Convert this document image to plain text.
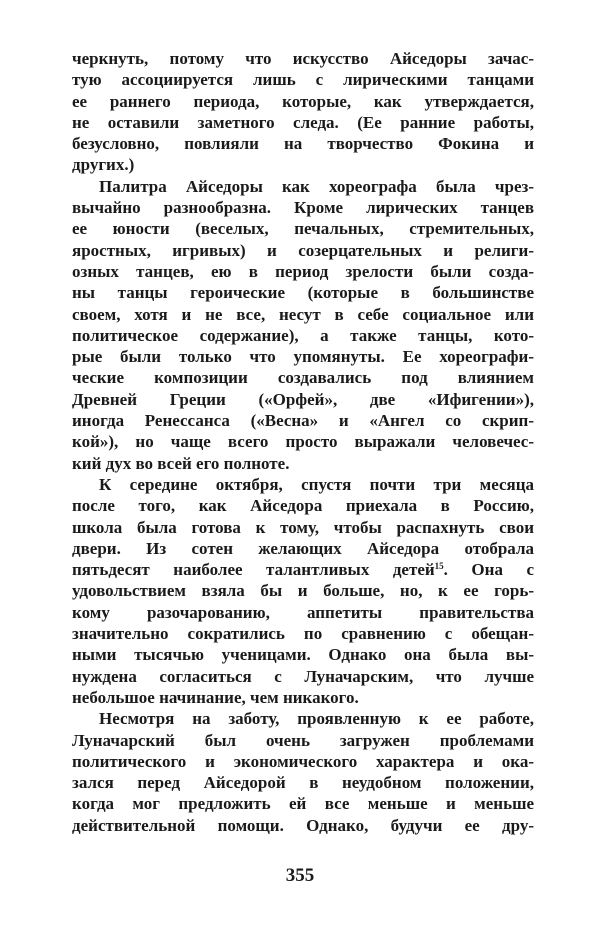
черкнуть, потому что искусство Айседоры зачас-
тую ассоциируется лишь с лирическими танцами
ее раннего периода, которые, как утверждается,
не оставили заметного следа. (Ее ранние работы,
безусловно, повлияли на творчество Фокина и
других.)
Палитра Айседоры как хореографа была чрез-
вычайно разнообразна. Кроме лирических танцев
ее юности (веселых, печальных, стремительных,
яростных, игривых) и созерцательных и религи-
озных танцев, ею в период зрелости были созда-
ны танцы героические (которые в большинстве
своем, хотя и не все, несут в себе социальное или
политическое содержание), а также танцы, кото-
рые были только что упомянуты. Ее хореографи-
ческие композиции создавались под влиянием
Древней Греции («Орфей», две «Ифигении»),
иногда Ренессанса («Весна» и «Ангел со скрип-
кой»), но чаще всего просто выражали человечес-
кий дух во всей его полноте.
К середине октября, спустя почти три месяца
после того, как Айседора приехала в Россию,
школа была готова к тому, чтобы распахнуть свои
двери. Из сотен желающих Айседора отобрала
пятьдесят наиболее талантливых детей$^{15}$. Она с
удовольствием взяла бы и больше, но, к ее горь-
кому разочарованию, аппетиты правительства
значительно сократились по сравнению с обещан-
ными тысячью ученицами. Однако она была вы-
нуждена согласиться с Луначарским, что лучше
небольшое начинание, чем никакого.
Несмотря на заботу, проявленную к ее работе,
Луначарский был очень загружен проблемами
политического и экономического характера и ока-
зался перед Айседорой в неудобном положении,
когда мог предложить ей все меньше и меньше
действительной помощи. Однако, будучи ее дру-
355
